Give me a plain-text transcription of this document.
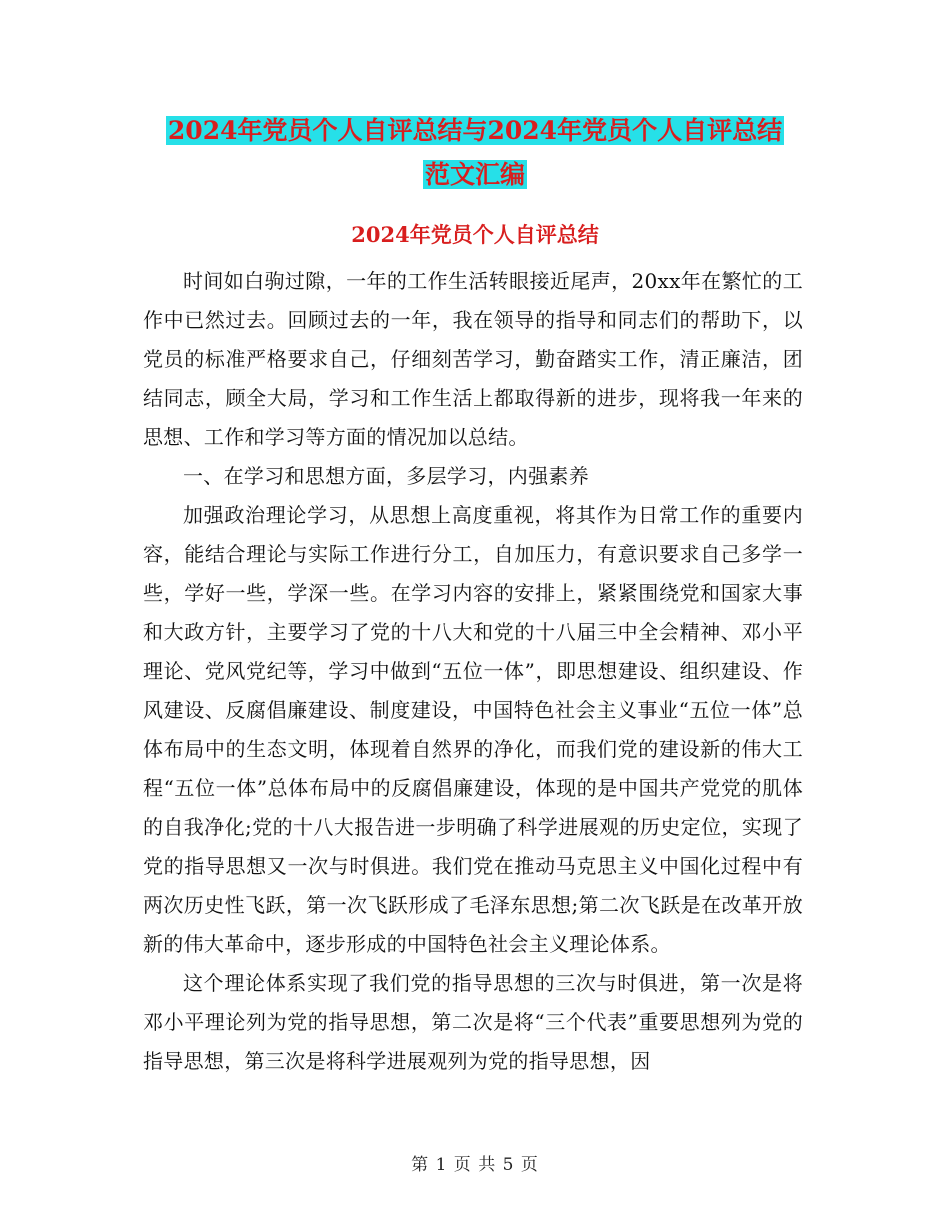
2024年党员个人自评总结与2024年党员个人自评总结
范文汇编
2024年党员个人自评总结

时间如白驹过隙，一年的工作生活转眼接近尾声，20xx年在繁忙的工作中已然过去。回顾过去的一年，我在领导的指导和同志们的帮助下，以党员的标准严格要求自己，仔细刻苦学习，勤奋踏实工作，清正廉洁，团结同志，顾全大局，学习和工作生活上都取得新的进步，现将我一年来的思想、工作和学习等方面的情况加以总结。

一、在学习和思想方面，多层学习，内强素养

加强政治理论学习，从思想上高度重视，将其作为日常工作的重要内容，能结合理论与实际工作进行分工，自加压力，有意识要求自己多学一些，学好一些，学深一些。在学习内容的安排上，紧紧围绕党和国家大事和大政方针，主要学习了党的十八大和党的十八届三中全会精神、邓小平理论、党风党纪等，学习中做到“五位一体”，即思想建设、组织建设、作风建设、反腐倡廉建设、制度建设，中国特色社会主义事业“五位一体”总体布局中的生态文明，体现着自然界的净化，而我们党的建设新的伟大工程“五位一体”总体布局中的反腐倡廉建设，体现的是中国共产党党的肌体的自我净化;党的十八大报告进一步明确了科学进展观的历史定位，实现了党的指导思想又一次与时俱进。我们党在推动马克思主义中国化过程中有两次历史性飞跃，第一次飞跃形成了毛泽东思想;第二次飞跃是在改革开放新的伟大革命中，逐步形成的中国特色社会主义理论体系。

这个理论体系实现了我们党的指导思想的三次与时俱进，第一次是将邓小平理论列为党的指导思想，第二次是将“三个代表”重要思想列为党的指导思想，第三次是将科学进展观列为党的指导思想，因

第 1 页 共 5 页
